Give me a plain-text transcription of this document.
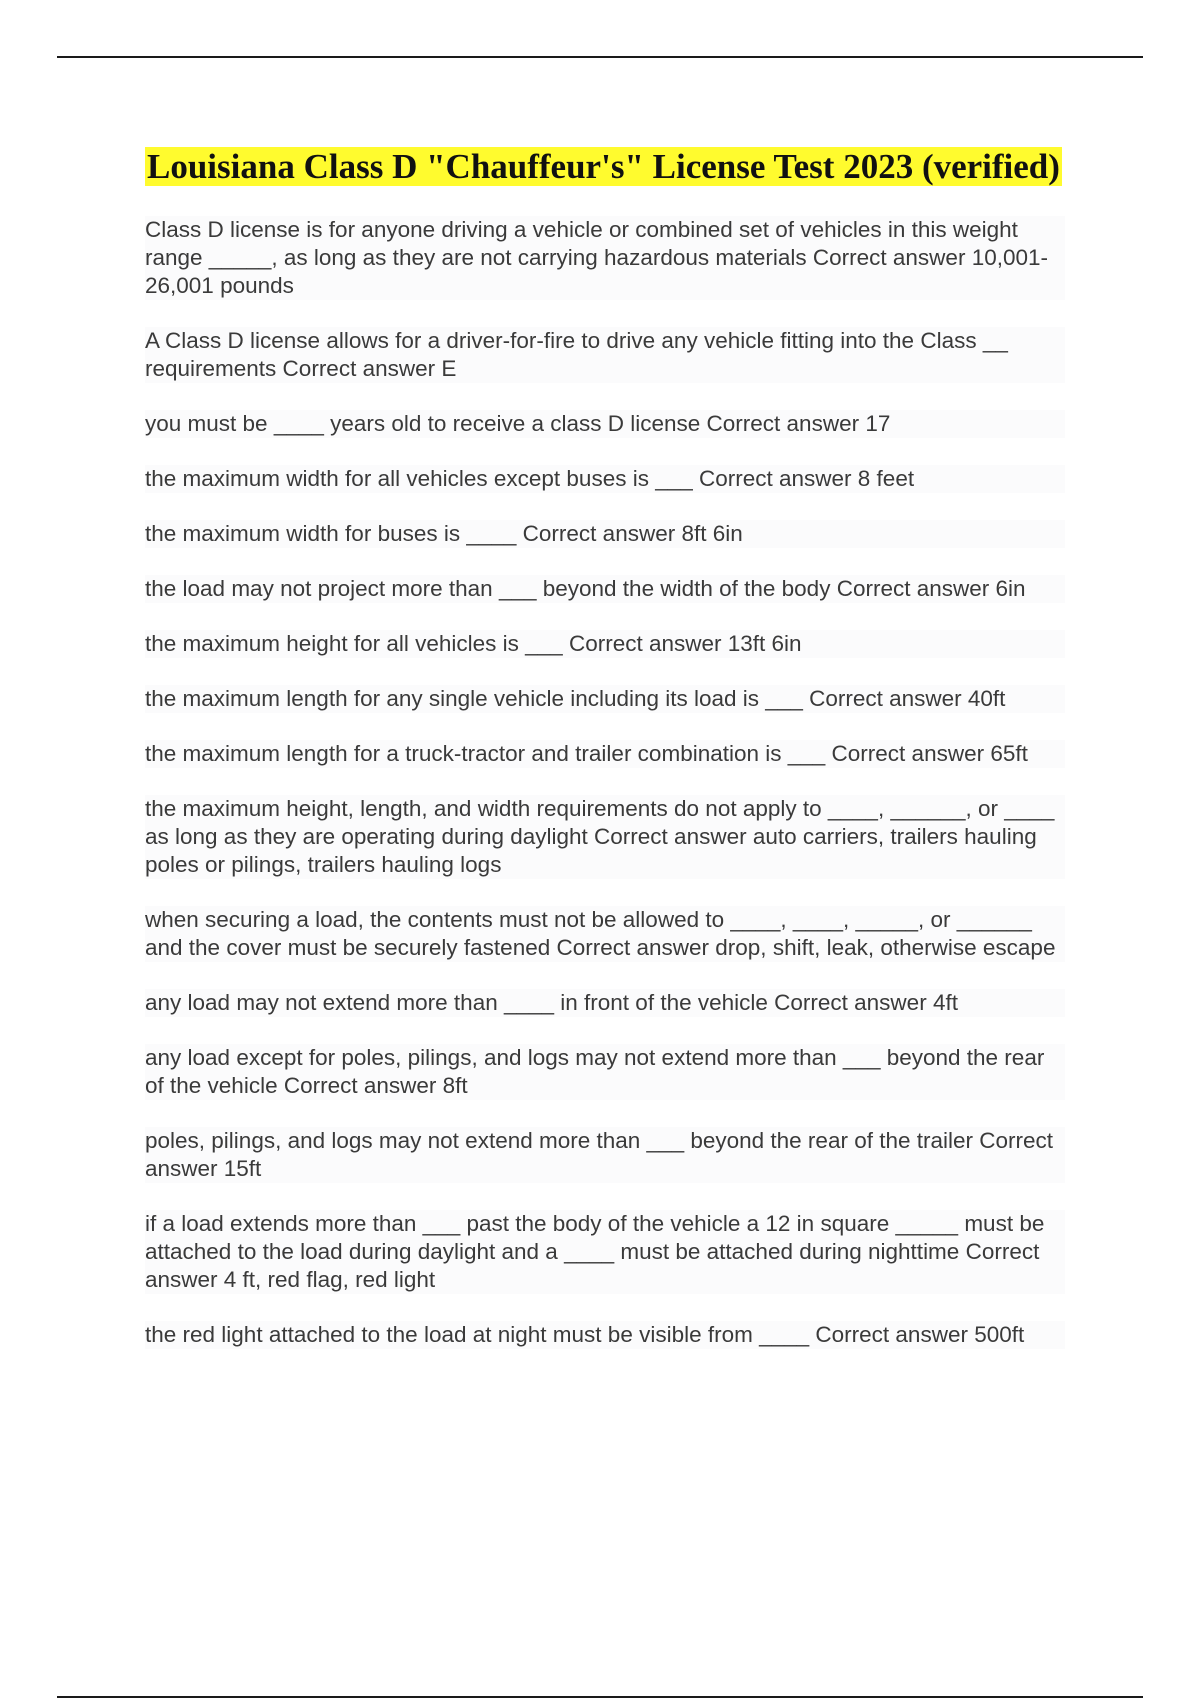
Louisiana Class D "Chauffeur's" License Test 2023 (verified)

Class D license is for anyone driving a vehicle or combined set of vehicles in this weight range _____, as long as they are not carrying hazardous materials Correct answer 10,001-26,001 pounds

A Class D license allows for a driver-for-fire to drive any vehicle fitting into the Class __ requirements Correct answer E

you must be ____ years old to receive a class D license Correct answer 17

the maximum width for all vehicles except buses is ___ Correct answer 8 feet

the maximum width for buses is ____ Correct answer 8ft 6in

the load may not project more than ___ beyond the width of the body Correct answer 6in

the maximum height for all vehicles is ___ Correct answer 13ft 6in

the maximum length for any single vehicle including its load is ___ Correct answer 40ft

the maximum length for a truck-tractor and trailer combination is ___ Correct answer 65ft

the maximum height, length, and width requirements do not apply to ____, ______, or ____ as long as they are operating during daylight Correct answer auto carriers, trailers hauling poles or pilings, trailers hauling logs

when securing a load, the contents must not be allowed to ____, ____, _____, or ______ and the cover must be securely fastened Correct answer drop, shift, leak, otherwise escape

any load may not extend more than ____ in front of the vehicle Correct answer 4ft

any load except for poles, pilings, and logs may not extend more than ___ beyond the rear of the vehicle Correct answer 8ft

poles, pilings, and logs may not extend more than ___ beyond the rear of the trailer Correct answer 15ft

if a load extends more than ___ past the body of the vehicle a 12 in square _____ must be attached to the load during daylight and a ____ must be attached during nighttime Correct answer 4 ft, red flag, red light

the red light attached to the load at night must be visible from ____ Correct answer 500ft
